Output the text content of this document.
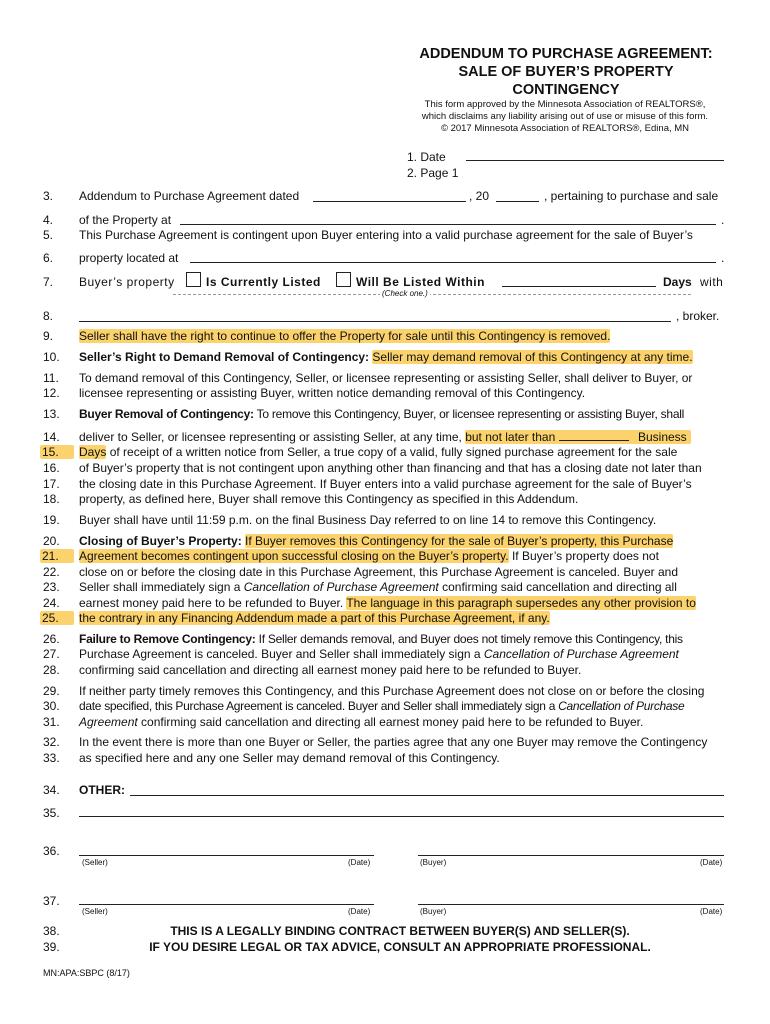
ADDENDUM TO PURCHASE AGREEMENT:
SALE OF BUYER’S PROPERTY
CONTINGENCY
This form approved by the Minnesota Association of REALTORS®,
which disclaims any liability arising out of use or misuse of this form.
© 2017 Minnesota Association of REALTORS®, Edina, MN
1. Date
2. Page 1
3.	Addendum to Purchase Agreement dated	, 20	, pertaining to purchase and sale
4.	of the Property at	.
5.	This Purchase Agreement is contingent upon Buyer entering into a valid purchase agreement for the sale of Buyer’s
6.	property located at	.
7.	Buyer’s property	Is Currently Listed	Will Be Listed Within	Days with
(Check one.)
8.	, broker.
9.	Seller shall have the right to continue to offer the Property for sale until this Contingency is removed.
10.	Seller’s Right to Demand Removal of Contingency: Seller may demand removal of this Contingency at any time.
11.	To demand removal of this Contingency, Seller, or licensee representing or assisting Seller, shall deliver to Buyer, or
12.	licensee representing or assisting Buyer, written notice demanding removal of this Contingency.
13.	Buyer Removal of Contingency: To remove this Contingency, Buyer, or licensee representing or assisting Buyer, shall
14.	deliver to Seller, or licensee representing or assisting Seller, at any time, but not later than	Business
15.	Days of receipt of a written notice from Seller, a true copy of a valid, fully signed purchase agreement for the sale
16.	of Buyer’s property that is not contingent upon anything other than financing and that has a closing date not later than
17.	the closing date in this Purchase Agreement. If Buyer enters into a valid purchase agreement for the sale of Buyer’s
18.	property, as defined here, Buyer shall remove this Contingency as specified in this Addendum.
19.	Buyer shall have until 11:59 p.m. on the final Business Day referred to on line 14 to remove this Contingency.
20.	Closing of Buyer’s Property: If Buyer removes this Contingency for the sale of Buyer’s property, this Purchase
21.	Agreement becomes contingent upon successful closing on the Buyer’s property. If Buyer’s property does not
22.	close on or before the closing date in this Purchase Agreement, this Purchase Agreement is canceled. Buyer and
23.	Seller shall immediately sign a Cancellation of Purchase Agreement confirming said cancellation and directing all
24.	earnest money paid here to be refunded to Buyer. The language in this paragraph supersedes any other provision to
25.	the contrary in any Financing Addendum made a part of this Purchase Agreement, if any.
26.	Failure to Remove Contingency: If Seller demands removal, and Buyer does not timely remove this Contingency, this
27.	Purchase Agreement is canceled. Buyer and Seller shall immediately sign a Cancellation of Purchase Agreement
28.	confirming said cancellation and directing all earnest money paid here to be refunded to Buyer.
29.	If neither party timely removes this Contingency, and this Purchase Agreement does not close on or before the closing
30.	date specified, this Purchase Agreement is canceled. Buyer and Seller shall immediately sign a Cancellation of Purchase
31.	Agreement confirming said cancellation and directing all earnest money paid here to be refunded to Buyer.
32.	In the event there is more than one Buyer or Seller, the parties agree that any one Buyer may remove the Contingency
33.	as specified here and any one Seller may demand removal of this Contingency.
34.	OTHER:
35.
36.
(Seller)	(Date)	(Buyer)	(Date)
37.
(Seller)	(Date)	(Buyer)	(Date)
38.	THIS IS A LEGALLY BINDING CONTRACT BETWEEN BUYER(S) AND SELLER(S).
39.	IF YOU DESIRE LEGAL OR TAX ADVICE, CONSULT AN APPROPRIATE PROFESSIONAL.
MN:APA:SBPC (8/17)
